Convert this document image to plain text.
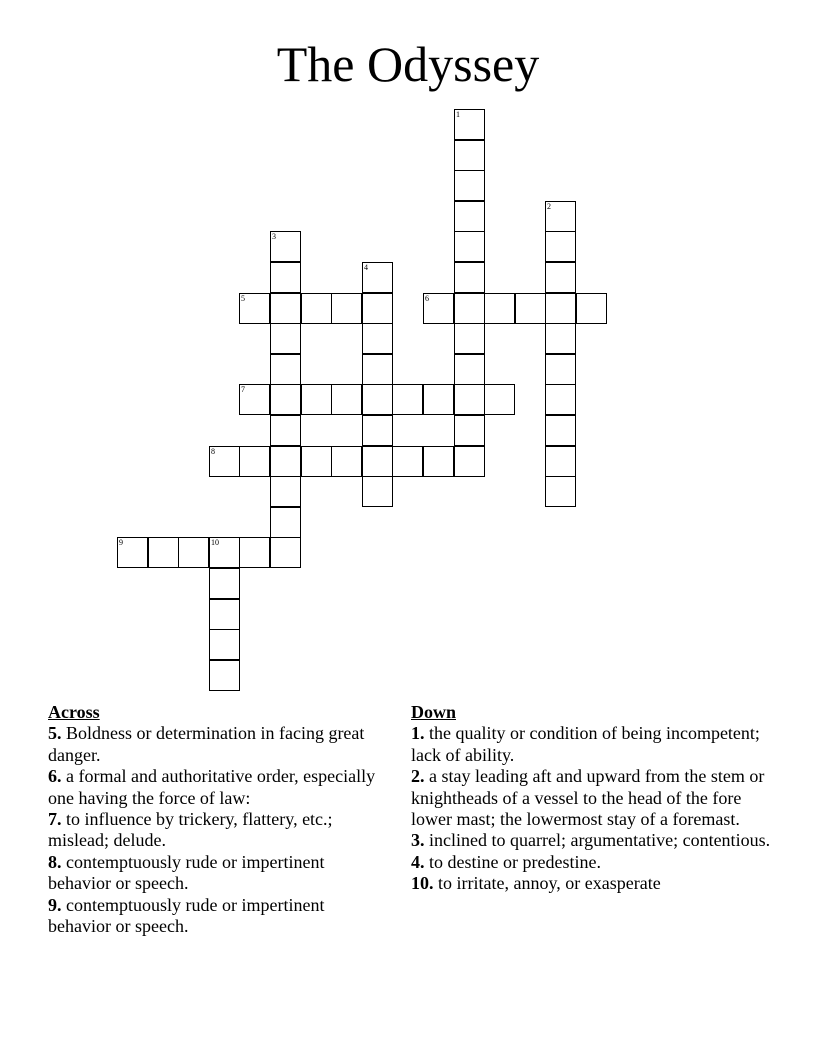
The Odyssey
1
2
3
4
5	6
7
8
9	10
Across
5. Boldness or determination in facing great danger.
6. a formal and authoritative order, especially one having the force of law:
7. to influence by trickery, flattery, etc.; mislead; delude.
8. contemptuously rude or impertinent behavior or speech.
9. contemptuously rude or impertinent behavior or speech.
Down
1. the quality or condition of being incompetent; lack of ability.
2. a stay leading aft and upward from the stem or knightheads of a vessel to the head of the fore lower mast; the lowermost stay of a foremast.
3. inclined to quarrel; argumentative; contentious.
4. to destine or predestine.
10. to irritate, annoy, or exasperate
